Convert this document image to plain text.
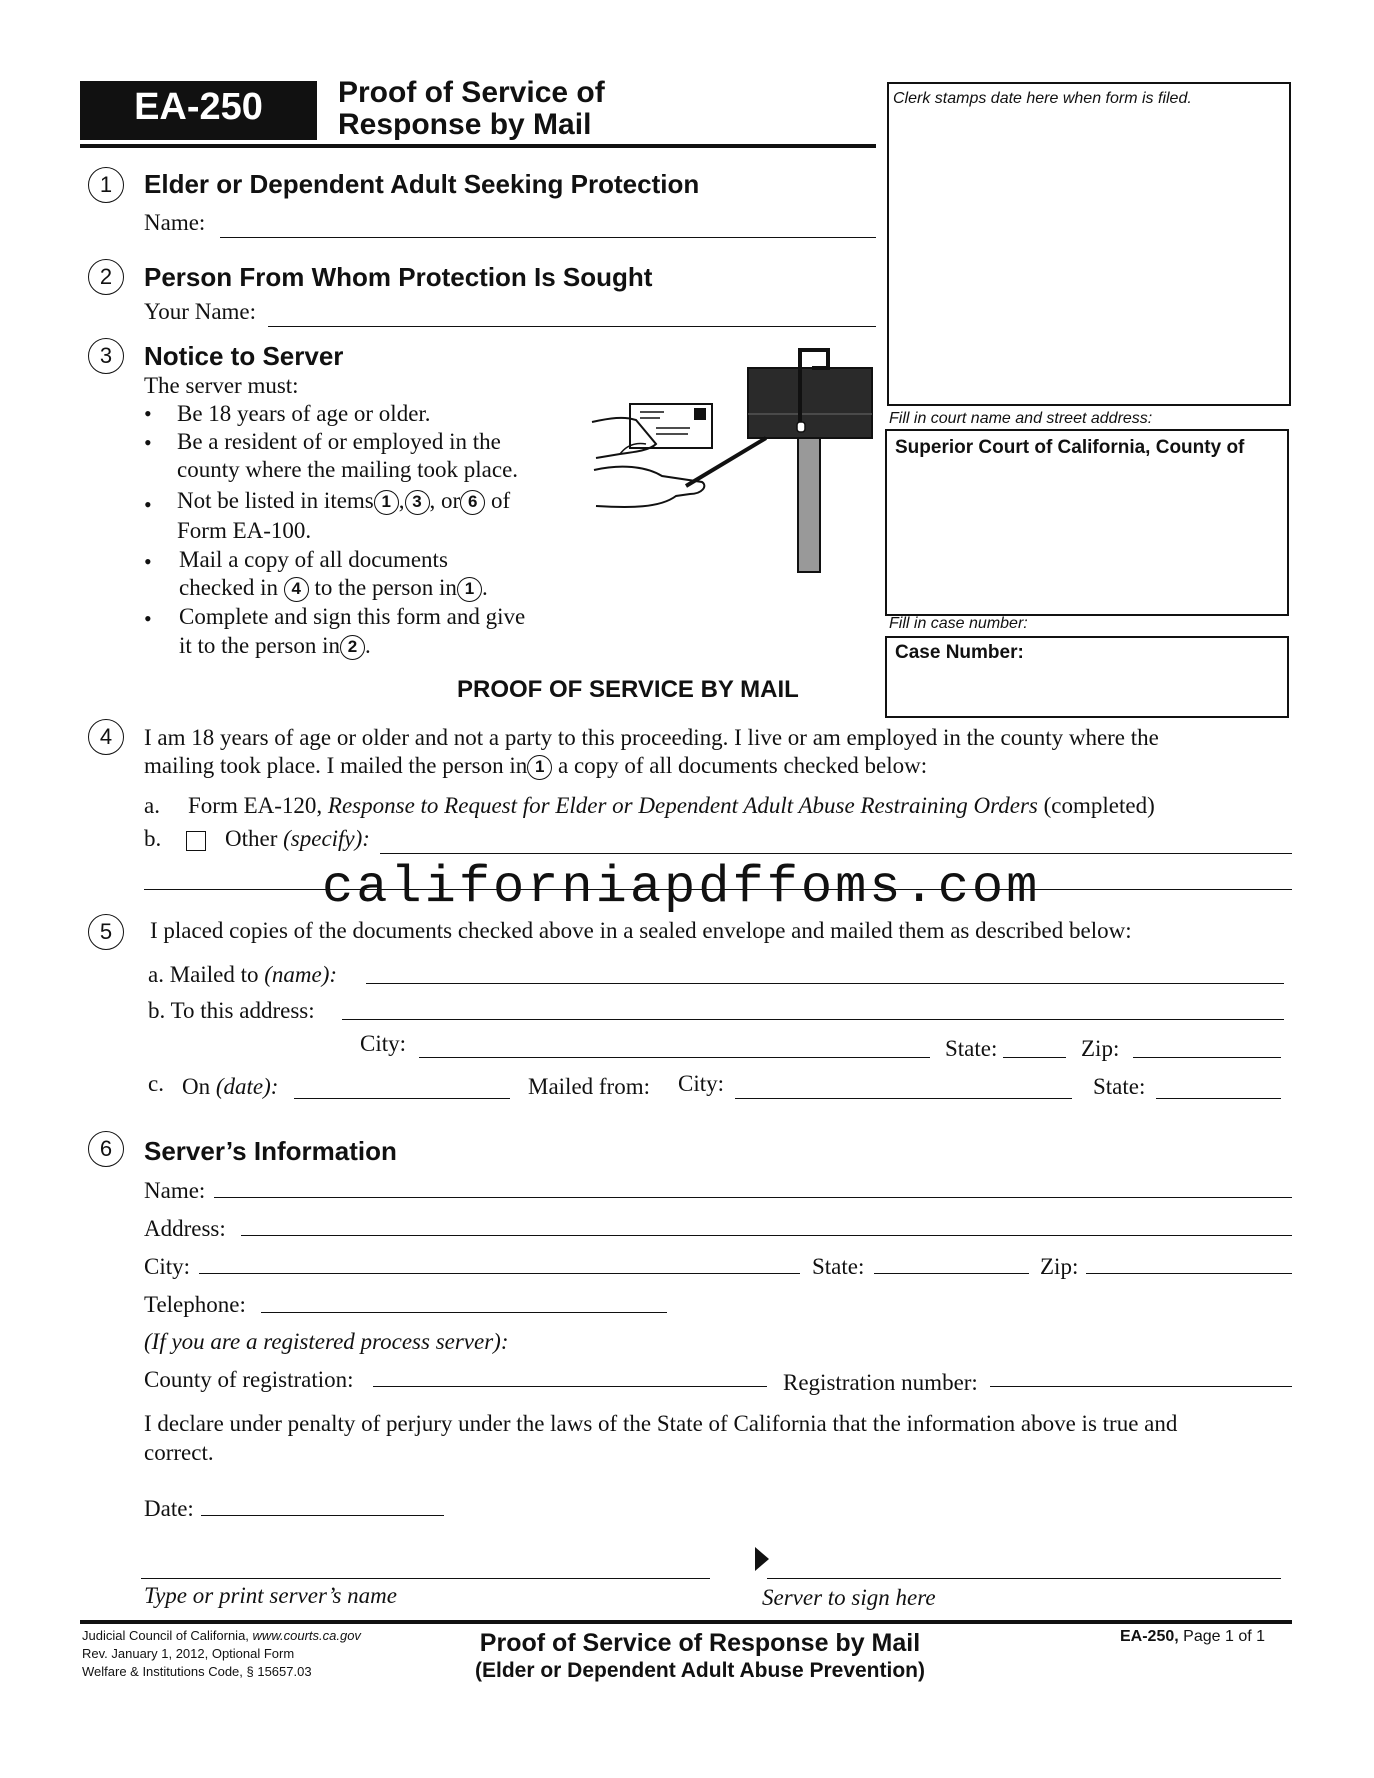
EA-250	Proof of Service of
Response by Mail
Clerk stamps date here when form is filed.
Fill in court name and street address:
Superior Court of California, County of
Fill in case number:
Case Number:
1	Elder or Dependent Adult Seeking Protection
Name:
2	Person From Whom Protection Is Sought
Your Name:
3	Notice to Server
The server must:
• Be 18 years of age or older.
• Be a resident of or employed in the
county where the mailing took place.
• Not be listed in items 1 , 3 , or 6 of
Form EA-100.
• Mail a copy of all documents
checked in 4 to the person in 1 .
• Complete and sign this form and give
it to the person in 2 .
PROOF OF SERVICE BY MAIL
4	I am 18 years of age or older and not a party to this proceeding. I live or am employed in the county where the
mailing took place. I mailed the person in 1 a copy of all documents checked below:
a. Form EA-120, Response to Request for Elder or Dependent Adult Abuse Restraining Orders (completed)
b.	Other (specify):
californiapdffoms.com
5	I placed copies of the documents checked above in a sealed envelope and mailed them as described below:
a. Mailed to (name):
b. To this address:
City:	State:	Zip:
c. On (date):	Mailed from: City:	State:
6	Server’s Information
Name:
Address:
City:	State:	Zip:
Telephone:
(If you are a registered process server):
County of registration:	Registration number:
I declare under penalty of perjury under the laws of the State of California that the information above is true and
correct.
Date:
Type or print server’s name	Server to sign here
Judicial Council of California, www.courts.ca.gov
Rev. January 1, 2012, Optional Form
Welfare & Institutions Code, § 15657.03
Proof of Service of Response by Mail
(Elder or Dependent Adult Abuse Prevention)
EA-250, Page 1 of 1
